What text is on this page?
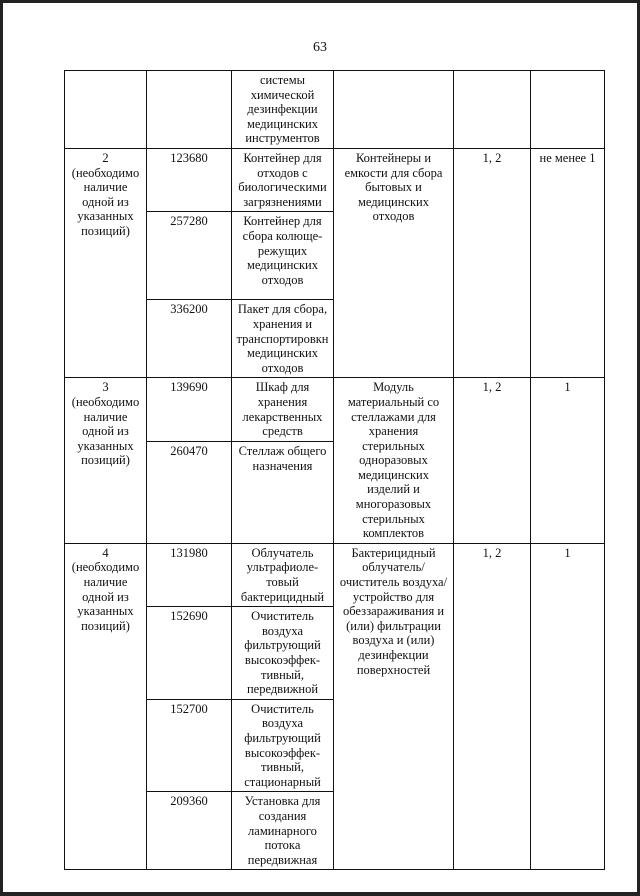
63
		системы химической дезинфекции медицинских инструментов			
2 (необходимо наличие одной из указанных позиций)	123680	Контейнер для отходов с биологическими загрязнениями	Контейнеры и емкости для сбора бытовых и медицинских отходов	1, 2	не менее 1
	257280	Контейнер для сбора колюще-режущих медицинских отходов			
	336200	Пакет для сбора, хранения и транспортировкн медицинских отходов			
3 (необходимо наличие одной из указанных позиций)	139690	Шкаф для хранения лекарственных средств	Модуль материальный со стеллажами для хранения стерильных одноразовых медицинских изделий и многоразовых стерильных комплектов	1, 2	1
	260470	Стеллаж общего назначения			
4 (необходимо наличие одной из указанных позиций)	131980	Облучатель ультрафиоле-товый бактерицидный	Бактерицидный облучатель/ очиститель воздуха/ устройство для обеззараживания и (или) фильтрации воздуха и (или) дезинфекции поверхностей	1, 2	1
	152690	Очиститель воздуха фильтрующий высокоэффек-тивный, передвижной			
	152700	Очиститель воздуха фильтрующий высокоэффек-тивный, стационарный			
	209360	Установка для создания ламинарного потока передвижная			
